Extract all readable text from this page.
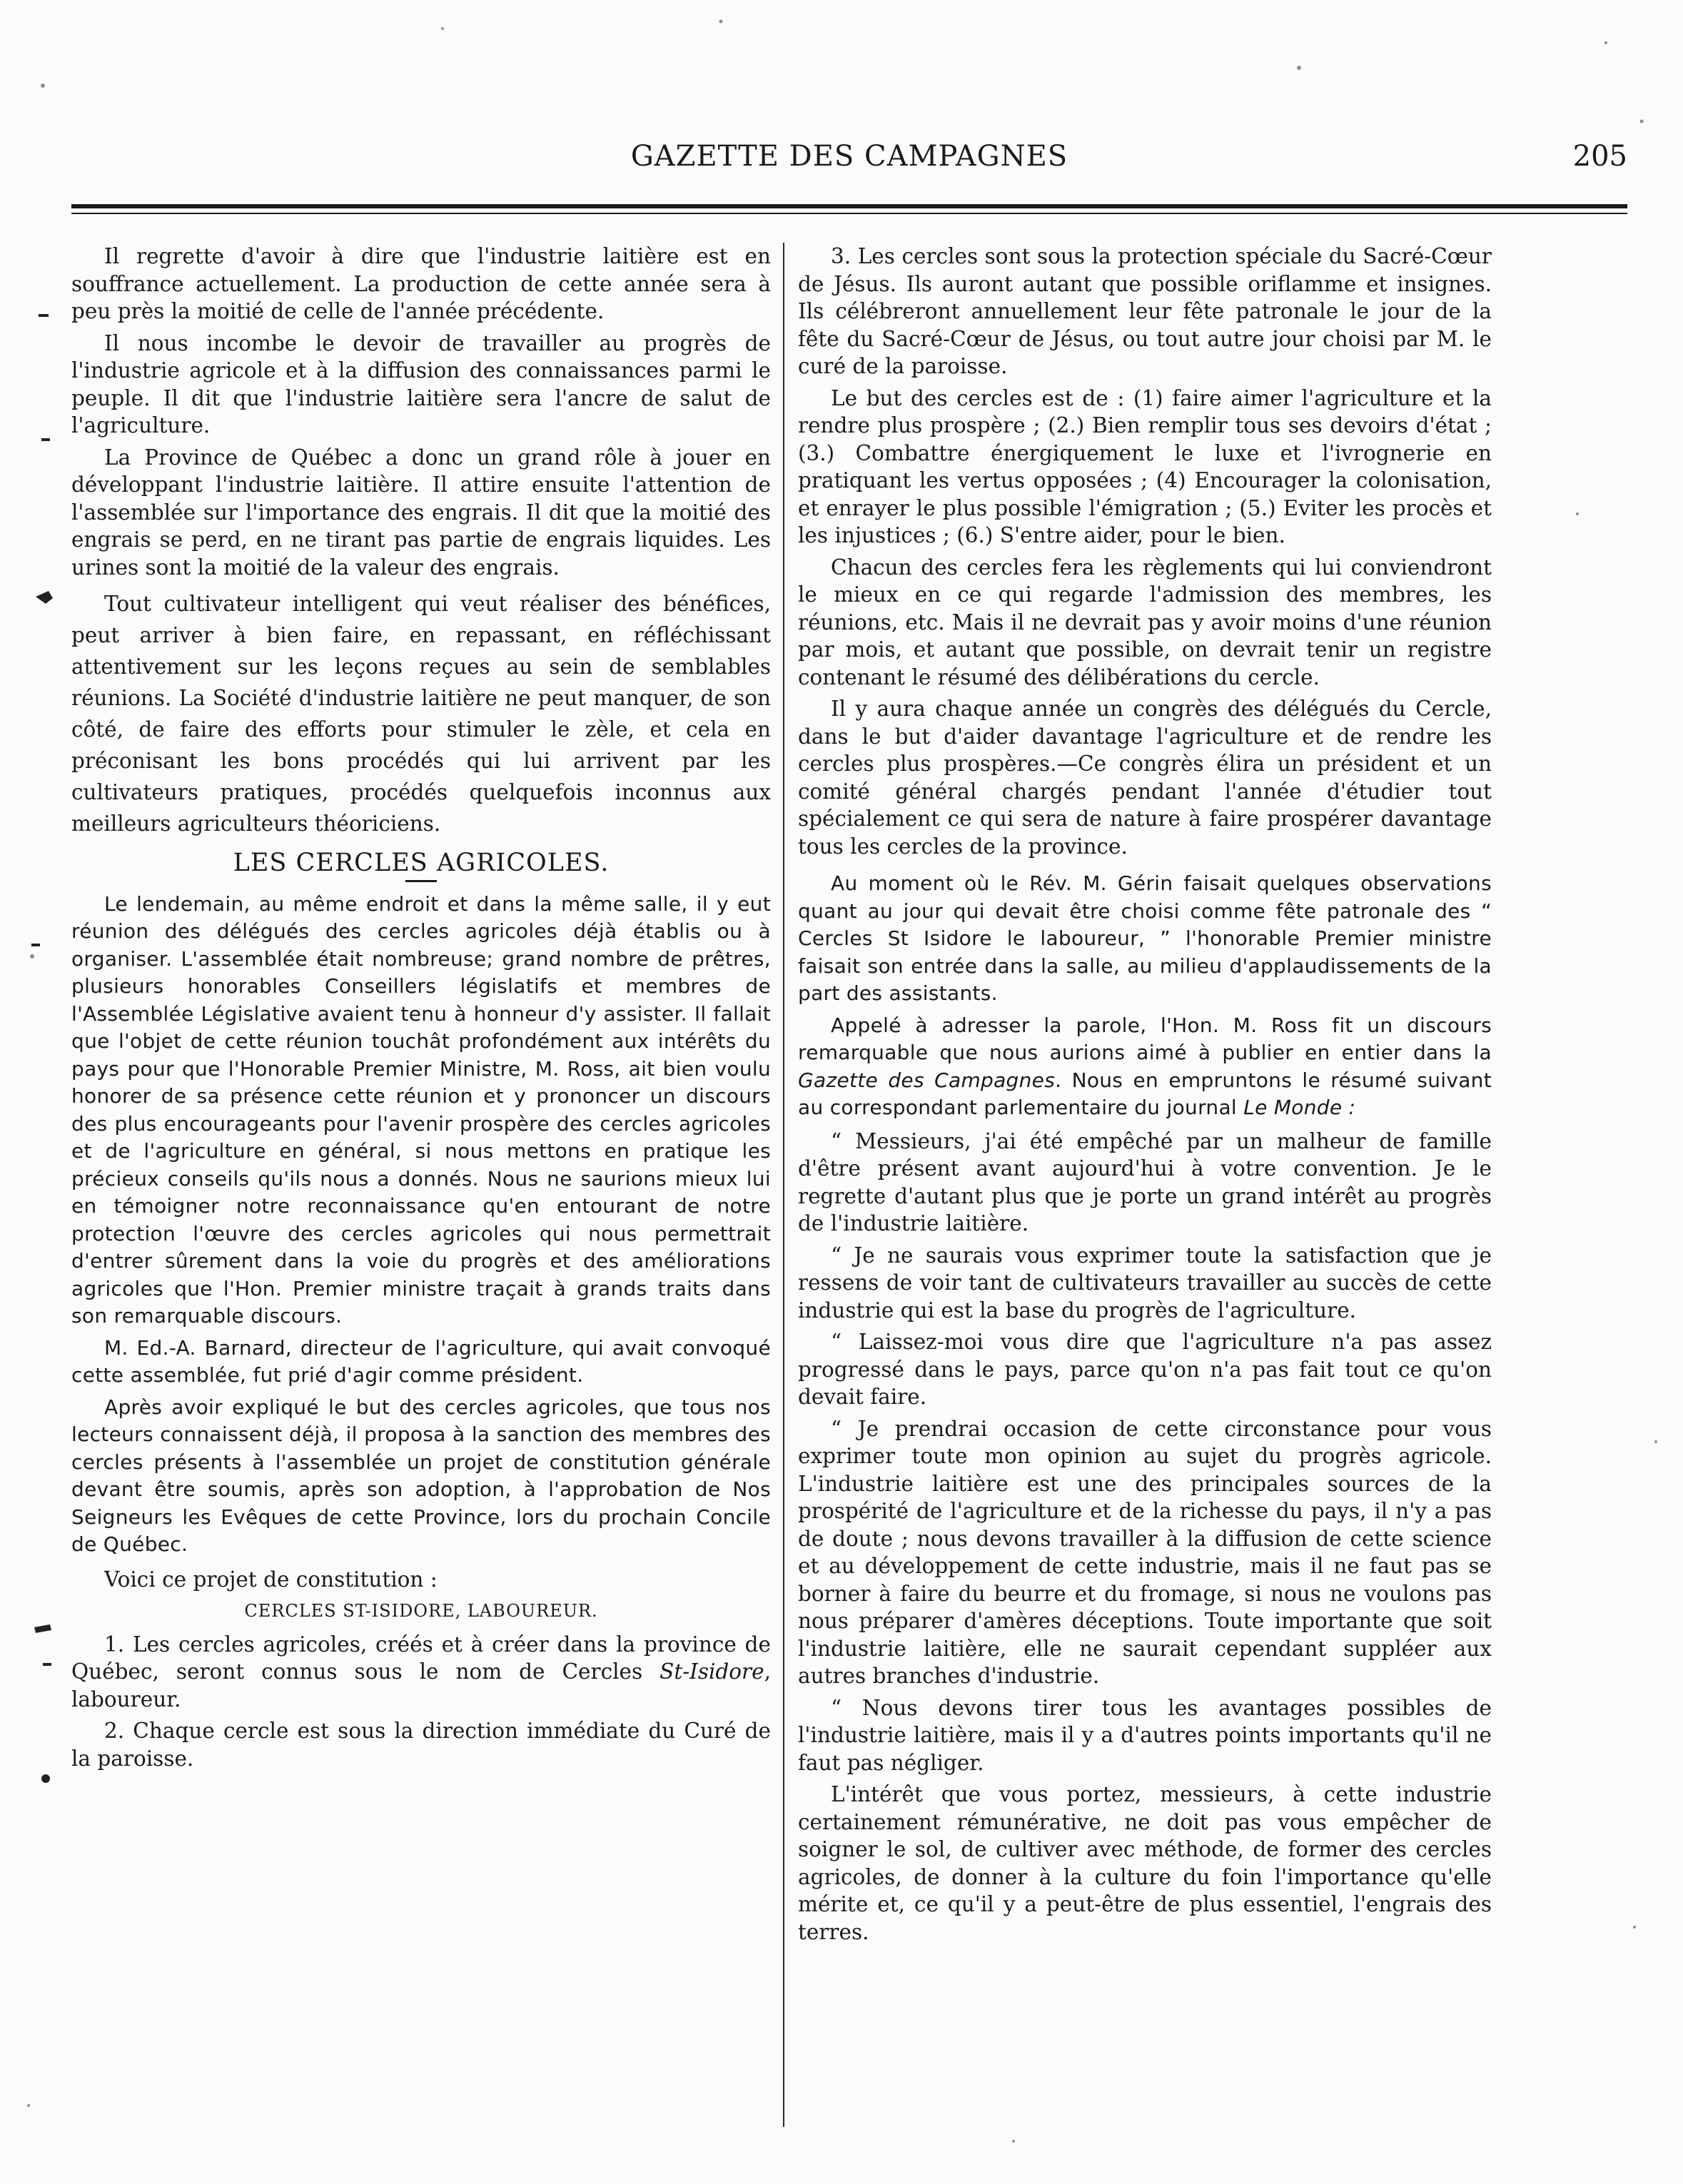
GAZETTE DES CAMPAGNES	205

Il regrette d'avoir à dire que l'industrie laitière est en souffrance actuellement. La production de cette année sera à peu près la moitié de celle de l'année précédente.

Il nous incombe le devoir de travailler au progrès de l'industrie agricole et à la diffusion des connaissances parmi le peuple. Il dit que l'industrie laitière sera l'ancre de salut de l'agriculture.

La Province de Québec a donc un grand rôle à jouer en développant l'industrie laitière. Il attire ensuite l'attention de l'assemblée sur l'importance des engrais. Il dit que la moitié des engrais se perd, en ne tirant pas partie de engrais liquides. Les urines sont la moitié de la valeur des engrais.

Tout cultivateur intelligent qui veut réaliser des bénéfices, peut arriver à bien faire, en repassant, en réfléchissant attentivement sur les leçons reçues au sein de semblables réunions. La Société d'industrie laitière ne peut manquer, de son côté, de faire des efforts pour stimuler le zèle, et cela en préconisant les bons procédés qui lui arrivent par les cultivateurs pratiques, procédés quelquefois inconnus aux meilleurs agriculteurs théoriciens.

LES CERCLES AGRICOLES.

Le lendemain, au même endroit et dans la même salle, il y eut réunion des délégués des cercles agricoles déjà établis ou à organiser. L'assemblée était nombreuse; grand nombre de prêtres, plusieurs honorables Conseillers législatifs et membres de l'Assemblée Législative avaient tenu à honneur d'y assister. Il fallait que l'objet de cette réunion touchât profondément aux intérêts du pays pour que l'Honorable Premier Ministre, M. Ross, ait bien voulu honorer de sa présence cette réunion et y prononcer un discours des plus encourageants pour l'avenir prospère des cercles agricoles et de l'agriculture en général, si nous mettons en pratique les précieux conseils qu'ils nous a donnés. Nous ne saurions mieux lui en témoigner notre reconnaissance qu'en entourant de notre protection l'œuvre des cercles agricoles qui nous permettrait d'entrer sûrement dans la voie du progrès et des améliorations agricoles que l'Hon. Premier ministre traçait à grands traits dans son remarquable discours.

M. Ed.-A. Barnard, directeur de l'agriculture, qui avait convoqué cette assemblée, fut prié d'agir comme président.

Après avoir expliqué le but des cercles agricoles, que tous nos lecteurs connaissent déjà, il proposa à la sanction des membres des cercles présents à l'assemblée un projet de constitution générale devant être soumis, après son adoption, à l'approbation de Nos Seigneurs les Evêques de cette Province, lors du prochain Concile de Québec.

Voici ce projet de constitution :

CERCLES ST-ISIDORE, LABOUREUR.

1. Les cercles agricoles, créés et à créer dans la province de Québec, seront connus sous le nom de Cercles St-Isidore, laboureur.

2. Chaque cercle est sous la direction immédiate du Curé de la paroisse.

3. Les cercles sont sous la protection spéciale du Sacré-Cœur de Jésus. Ils auront autant que possible oriflamme et insignes. Ils célébreront annuellement leur fête patronale le jour de la fête du Sacré-Cœur de Jésus, ou tout autre jour choisi par M. le curé de la paroisse.

Le but des cercles est de : (1) faire aimer l'agriculture et la rendre plus prospère ; (2.) Bien remplir tous ses devoirs d'état ; (3.) Combattre énergiquement le luxe et l'ivrognerie en pratiquant les vertus opposées ; (4) Encourager la colonisation, et enrayer le plus possible l'émigration ; (5.) Eviter les procès et les injustices ; (6.) S'entre aider, pour le bien.

Chacun des cercles fera les règlements qui lui conviendront le mieux en ce qui regarde l'admission des membres, les réunions, etc. Mais il ne devrait pas y avoir moins d'une réunion par mois, et autant que possible, on devrait tenir un registre contenant le résumé des délibérations du cercle.

Il y aura chaque année un congrès des délégués du Cercle, dans le but d'aider davantage l'agriculture et de rendre les cercles plus prospères.—Ce congrès élira un président et un comité général chargés pendant l'année d'étudier tout spécialement ce qui sera de nature à faire prospérer davantage tous les cercles de la province.

Au moment où le Rév. M. Gérin faisait quelques observations quant au jour qui devait être choisi comme fête patronale des “ Cercles St Isidore le laboureur, ” l'honorable Premier ministre faisait son entrée dans la salle, au milieu d'applaudissements de la part des assistants.

Appelé à adresser la parole, l'Hon. M. Ross fit un discours remarquable que nous aurions aimé à publier en entier dans la Gazette des Campagnes. Nous en empruntons le résumé suivant au correspondant parlementaire du journal Le Monde :

“ Messieurs, j'ai été empêché par un malheur de famille d'être présent avant aujourd'hui à votre convention. Je le regrette d'autant plus que je porte un grand intérêt au progrès de l'industrie laitière.

“ Je ne saurais vous exprimer toute la satisfaction que je ressens de voir tant de cultivateurs travailler au succès de cette industrie qui est la base du progrès de l'agriculture.

“ Laissez-moi vous dire que l'agriculture n'a pas assez progressé dans le pays, parce qu'on n'a pas fait tout ce qu'on devait faire.

“ Je prendrai occasion de cette circonstance pour vous exprimer toute mon opinion au sujet du progrès agricole. L'industrie laitière est une des principales sources de la prospérité de l'agriculture et de la richesse du pays, il n'y a pas de doute ; nous devons travailler à la diffusion de cette science et au développement de cette industrie, mais il ne faut pas se borner à faire du beurre et du fromage, si nous ne voulons pas nous préparer d'amères déceptions. Toute importante que soit l'industrie laitière, elle ne saurait cependant suppléer aux autres branches d'industrie.

“ Nous devons tirer tous les avantages possibles de l'industrie laitière, mais il y a d'autres points importants qu'il ne faut pas négliger.

L'intérêt que vous portez, messieurs, à cette industrie certainement rémunérative, ne doit pas vous empêcher de soigner le sol, de cultiver avec méthode, de former des cercles agricoles, de donner à la culture du foin l'importance qu'elle mérite et, ce qu'il y a peut-être de plus essentiel, l'engrais des terres.
